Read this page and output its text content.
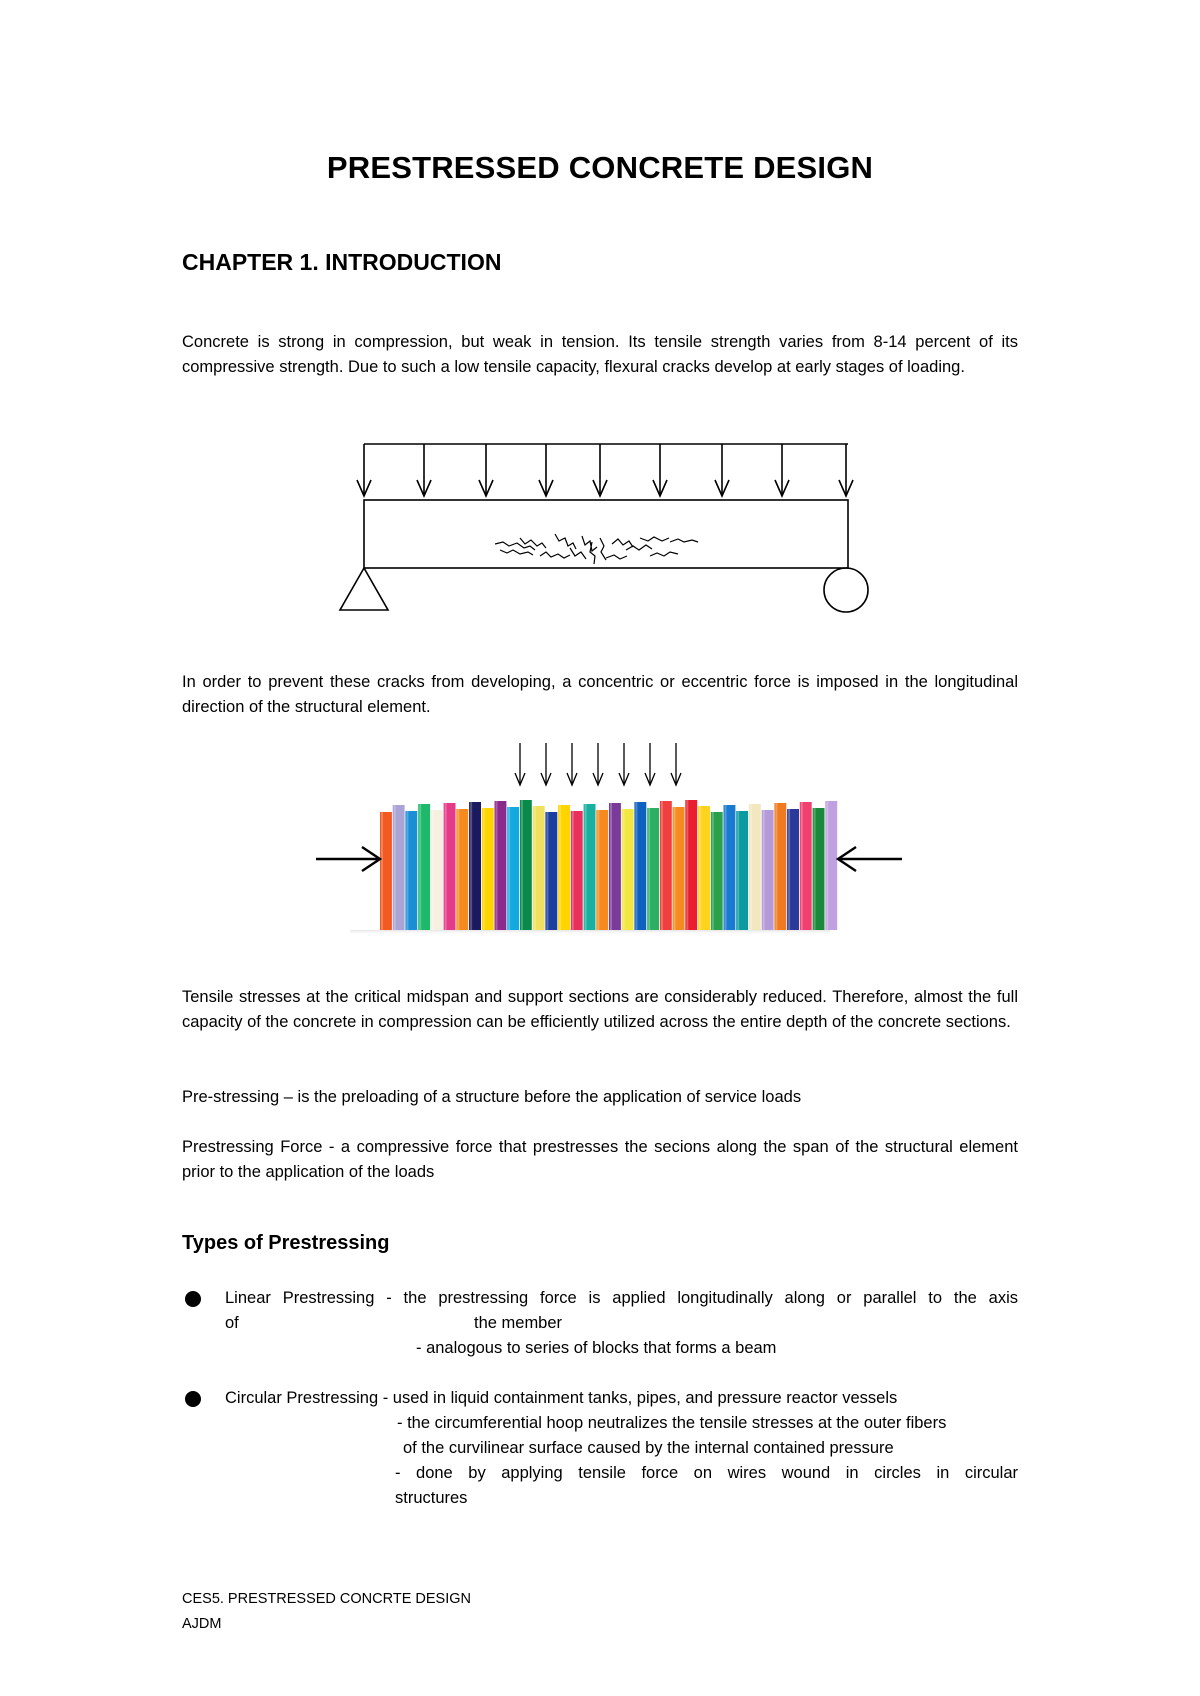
PRESTRESSED CONCRETE DESIGN
CHAPTER 1. INTRODUCTION

Concrete is strong in compression, but weak in tension. Its tensile strength varies from 8-14 percent of its compressive strength. Due to such a low tensile capacity, flexural cracks develop at early stages of loading.

In order to prevent these cracks from developing, a concentric or eccentric force is imposed in the longitudinal direction of the structural element.

Tensile stresses at the critical midspan and support sections are considerably reduced. Therefore, almost the full capacity of the concrete in compression can be efficiently utilized across the entire depth of the concrete sections.

Pre-stressing – is the preloading of a structure before the application of service loads

Prestressing Force - a compressive force that prestresses the secions along the span of the structural element prior to the application of the loads

Types of Prestressing

Linear Prestressing - the prestressing force is applied longitudinally along or parallel to the axis

of	the member

- analogous to series of blocks that forms a beam

Circular Prestressing - used in liquid containment tanks, pipes, and pressure reactor vessels

- the circumferential hoop neutralizes the tensile stresses at the outer fibers

of the curvilinear surface caused by the internal contained pressure

- done by applying tensile force on wires wound in circles in circular

structures

CES5. PRESTRESSED CONCRTE DESIGN

AJDM
